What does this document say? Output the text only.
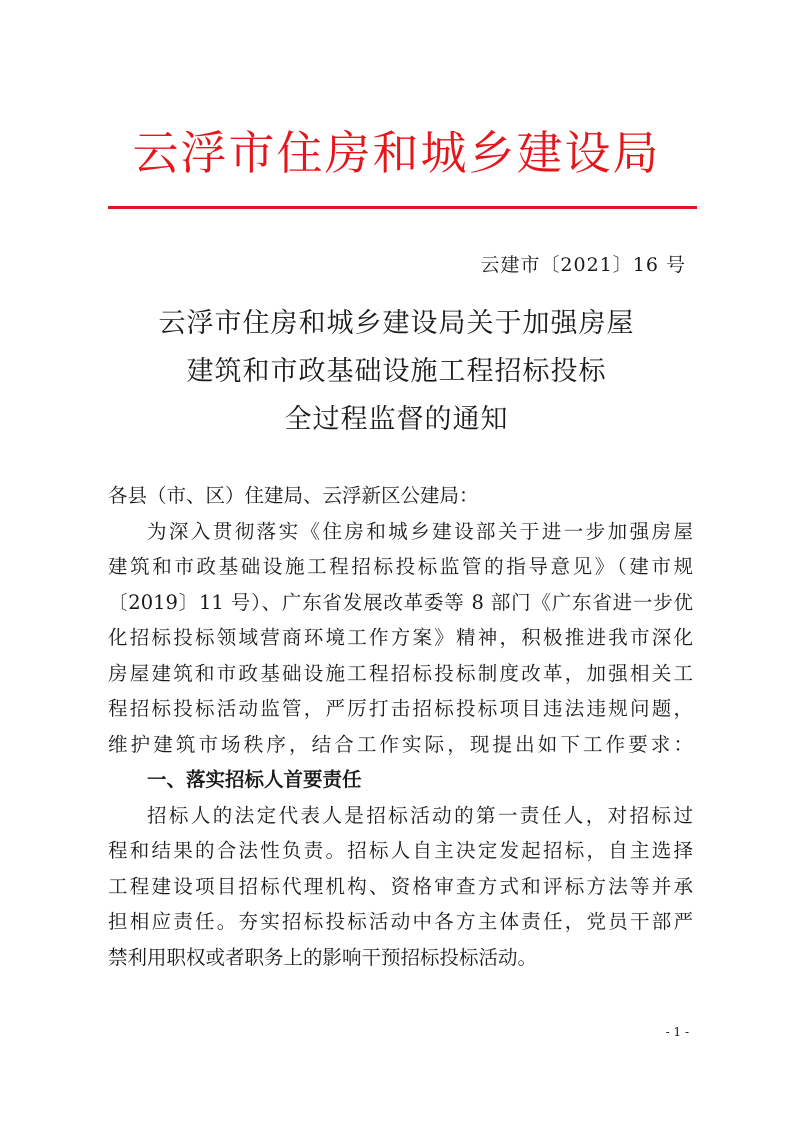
云浮市住房和城乡建设局
云建市〔2021〕16 号
云浮市住房和城乡建设局关于加强房屋
建筑和市政基础设施工程招标投标
全过程监督的通知
各县（市、区）住建局、云浮新区公建局：
为深入贯彻落实《住房和城乡建设部关于进一步加强房屋
建筑和市政基础设施工程招标投标监管的指导意见》（建市规
〔2019〕11 号）、广东省发展改革委等 8 部门《广东省进一步优
化招标投标领域营商环境工作方案》精神，积极推进我市深化
房屋建筑和市政基础设施工程招标投标制度改革，加强相关工
程招标投标活动监管，严厉打击招标投标项目违法违规问题，
维护建筑市场秩序，结合工作实际，现提出如下工作要求：
一、落实招标人首要责任
招标人的法定代表人是招标活动的第一责任人，对招标过
程和结果的合法性负责。招标人自主决定发起招标，自主选择
工程建设项目招标代理机构、资格审查方式和评标方法等并承
担相应责任。夯实招标投标活动中各方主体责任，党员干部严
禁利用职权或者职务上的影响干预招标投标活动。
- 1 -
